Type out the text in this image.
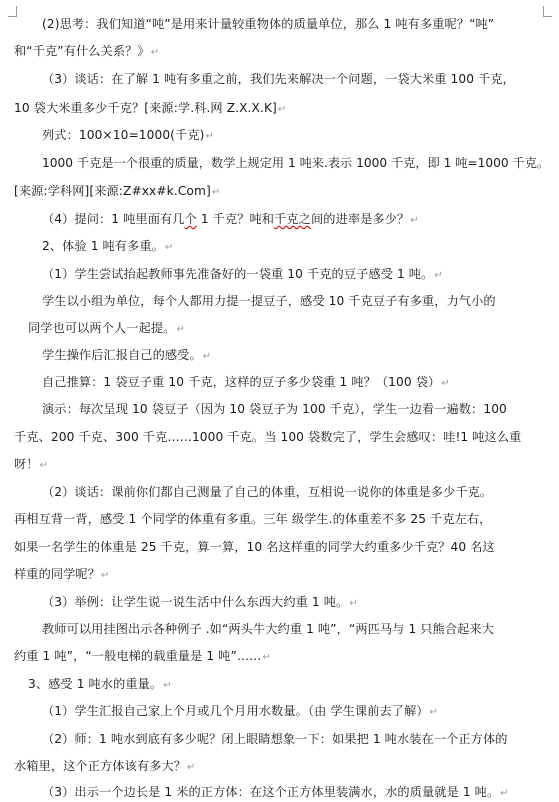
(2)思考：我们知道“吨”是用来计量较重物体的质量单位，那么 1 吨有多重呢？“吨”
和“千克”有什么关系？》↵
（3）谈话：在了解 1 吨有多重之前，我们先来解决一个问题，一袋大米重 100 千克，
10 袋大米重多少千克？[来源:学.科.网 Z.X.X.K]↵
列式：100×10=1000(千克)↵
1000 千克是一个很重的质量，数学上规定用 1 吨来.表示 1000 千克，即 1 吨=1000 千克。
[来源:学科网][来源:Z#xx#k.Com]↵
（4）提问：1 吨里面有几个 1 千克？吨和千克之间的进率是多少？↵
2、体验 1 吨有多重。↵
（1）学生尝试抬起教师事先准备好的一袋重 10 千克的豆子感受 1 吨。↵
学生以小组为单位，每个人都用力提一提豆子，感受 10 千克豆子有多重，力气小的
同学也可以两个人一起提。↵
学生操作后汇报自己的感受。↵
自己推算：1 袋豆子重 10 千克，这样的豆子多少袋重 1 吨？（100 袋）↵
演示：每次呈现 10 袋豆子（因为 10 袋豆子为 100 千克），学生一边看一遍数：100
千克、200 千克、300 千克……1000 千克。当 100 袋数完了，学生会感叹：哇!1 吨这么重
呀！↵
（2）谈话：课前你们都自己测量了自己的体重，互相说一说你的体重是多少千克。
再相互背一背，感受 1 个同学的体重有多重。三年 级学生.的体重差不多 25 千克左右，
如果一名学生的体重是 25 千克，算一算，10 名这样重的同学大约重多少千克？40 名这
样重的同学呢？↵
（3）举例：让学生说一说生活中什么东西大约重 1 吨。↵
教师可以用挂图出示各种例子 .如“两头牛大约重 1 吨”，“两匹马与 1 只熊合起来大
约重 1 吨”，“一般电梯的载重量是 1 吨”……↵
3、感受 1 吨水的重量。↵
（1）学生汇报自己家上个月或几个月用水数量。（由 学生课前去了解）↵
（2）师：1 吨水到底有多少呢？闭上眼睛想象一下：如果把 1 吨水装在一个正方体的
水箱里，这个正方体该有多大？↵
（3）出示一个边长是 1 米的正方体：在这个正方体里装满水，水的质量就是 1 吨。↵
